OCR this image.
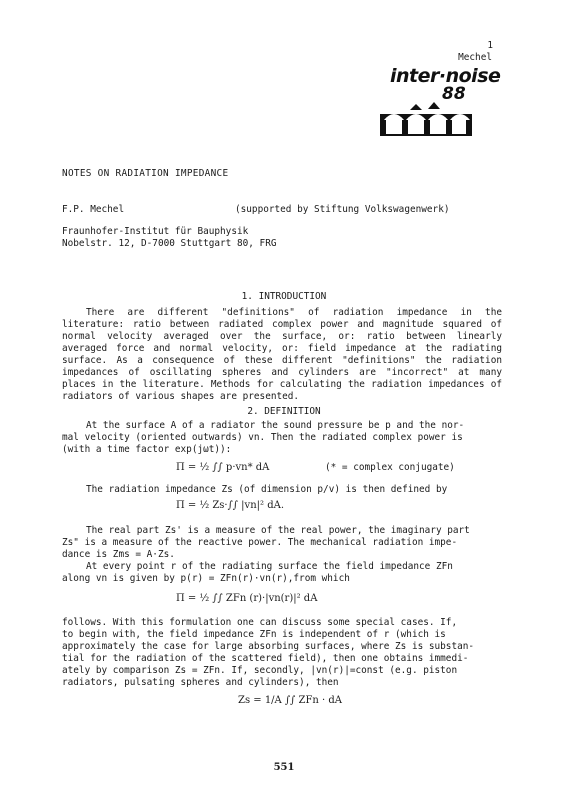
1
Mechel
inter·noise
88
NOTES ON RADIATION IMPEDANCE
F.P. Mechel	(supported by Stiftung Volkswagenwerk)
Fraunhofer-Institut für Bauphysik
Nobelstr. 12, D-7000 Stuttgart 80, FRG
1. INTRODUCTION
There are different "definitions" of radiation impedance in the literature: ratio between radiated complex power and magnitude squared of normal velocity averaged over the surface, or: ratio between linearly averaged force and normal velocity, or: field impedance at the radiating surface. As a consequence of these different "definitions" the radiation impedances of oscillating spheres and cylinders are "incorrect" at many places in the literature. Methods for calculating the radiation impedances of radiators of various shapes are presented.
2. DEFINITION
At the surface A of a radiator the sound pressure be p and the nor-
mal velocity (oriented outwards) vn. Then the radiated complex power is
(with a time factor exp(jωt)):
Π = ½ ∫∫ p·vn* dA	(* = complex conjugate)
The radiation impedance Zs (of dimension p/v) is then defined by
Π = ½ Zs·∫∫ |vn|² dA.
The real part Zs' is a measure of the real power, the imaginary part
Zs" is a measure of the reactive power. The mechanical radiation impe-
dance is Zms = A·Zs.
At every point r of the radiating surface the field impedance ZFn
along vn is given by p(r) = ZFn(r)·vn(r),from which
Π = ½ ∫∫ ZFn (r)·|vn(r)|² dA
follows. With this formulation one can discuss some special cases. If,
to begin with, the field impedance ZFn is independent of r (which is
approximately the case for large absorbing surfaces, where Zs is substan-
tial for the radiation of the scattered field), then one obtains immedi-
ately by comparison Zs = ZFn. If, secondly, |vn(r)|=const (e.g. piston
radiators, pulsating spheres and cylinders), then
Zs = 1/A ∫∫ ZFn · dA
551
